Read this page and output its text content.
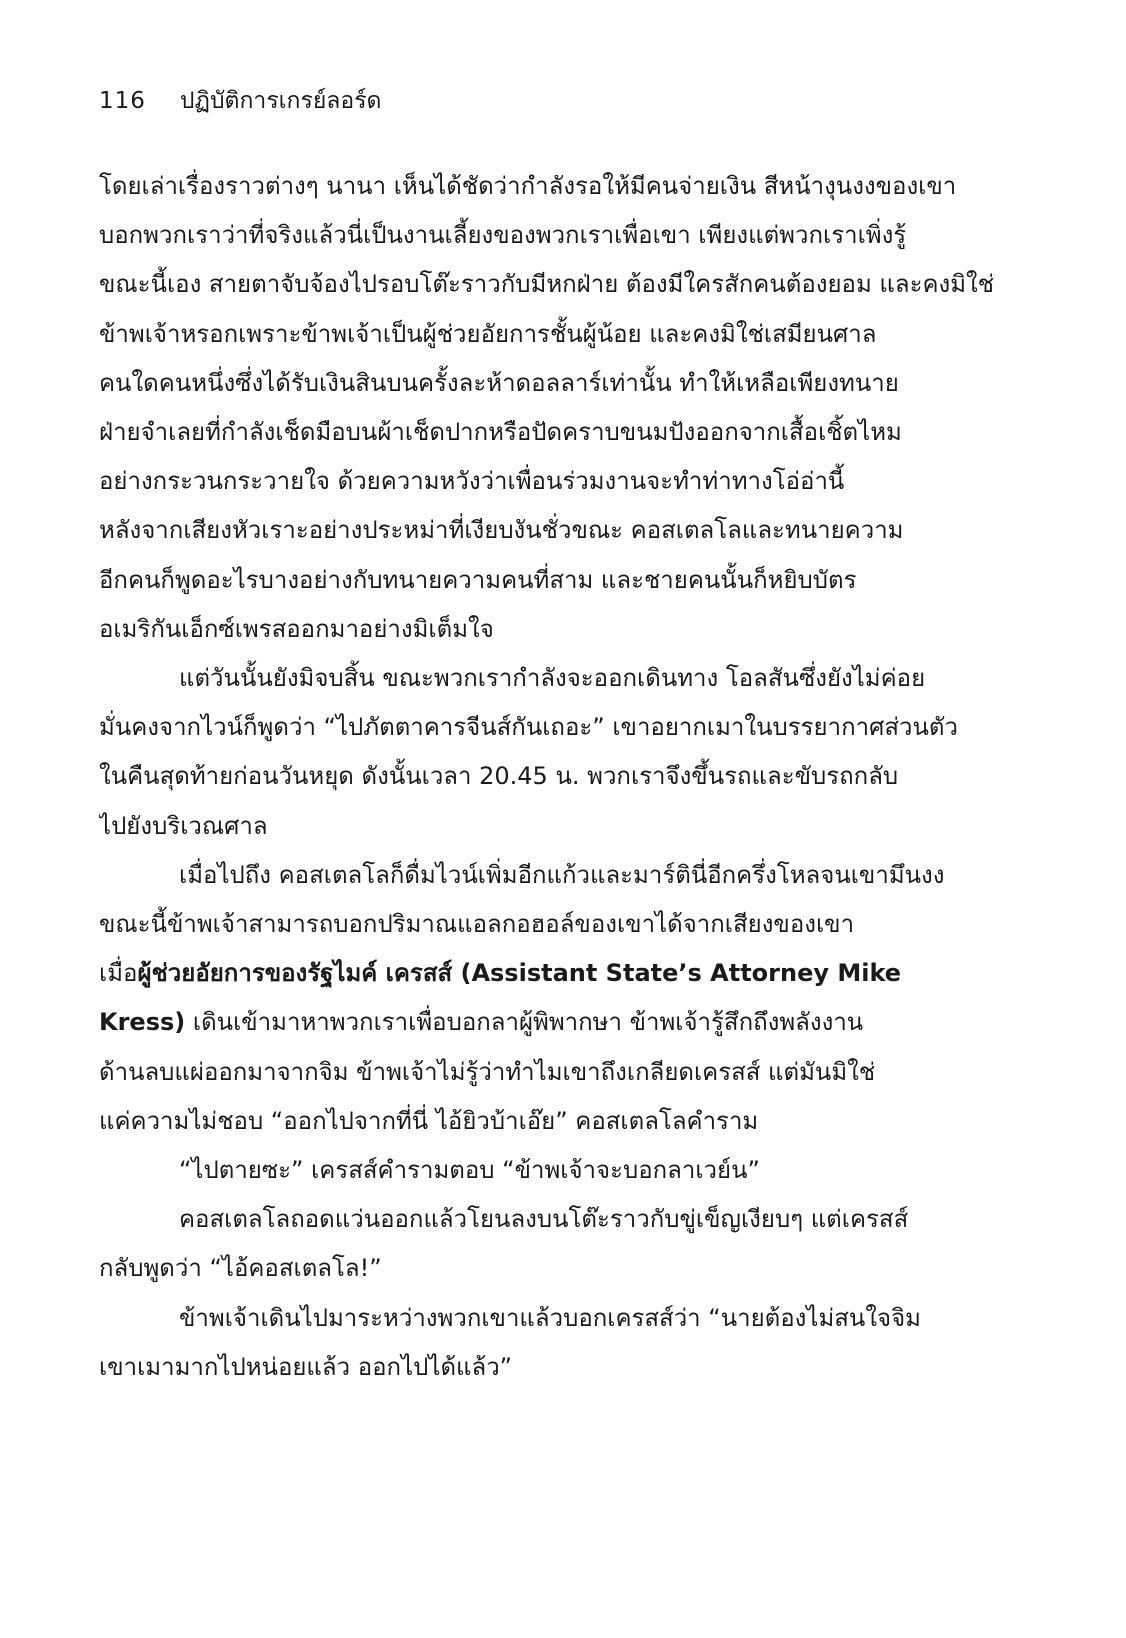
116 ปฏิบัติการเกรย์ลอร์ด
โดยเล่าเรื่องราวต่างๆ นานา เห็นได้ชัดว่ากำลังรอให้มีคนจ่ายเงิน สีหน้างุนงงของเขา
บอกพวกเราว่าที่จริงแล้วนี่เป็นงานเลี้ยงของพวกเราเพื่อเขา เพียงแต่พวกเราเพิ่งรู้
ขณะนี้เอง สายตาจับจ้องไปรอบโต๊ะราวกับมีหกฝ่าย ต้องมีใครสักคนต้องยอม และคงมิใช่
ข้าพเจ้าหรอกเพราะข้าพเจ้าเป็นผู้ช่วยอัยการชั้นผู้น้อย และคงมิใช่เสมียนศาล
คนใดคนหนึ่งซึ่งได้รับเงินสินบนครั้งละห้าดอลลาร์เท่านั้น ทำให้เหลือเพียงทนาย
ฝ่ายจำเลยที่กำลังเช็ดมือบนผ้าเช็ดปากหรือปัดคราบขนมปังออกจากเสื้อเชิ้ตไหม
อย่างกระวนกระวายใจ ด้วยความหวังว่าเพื่อนร่วมงานจะทำท่าทางโอ่อ่านี้
หลังจากเสียงหัวเราะอย่างประหม่าที่เงียบงันชั่วขณะ คอสเตลโลและทนายความ
อีกคนก็พูดอะไรบางอย่างกับทนายความคนที่สาม และชายคนนั้นก็หยิบบัตร
อเมริกันเอ็กซ์เพรสออกมาอย่างมิเต็มใจ
แต่วันนั้นยังมิจบสิ้น ขณะพวกเรากำลังจะออกเดินทาง โอลสันซึ่งยังไม่ค่อย
มั่นคงจากไวน์ก็พูดว่า “ไปภัตตาคารจีนส์กันเถอะ” เขาอยากเมาในบรรยากาศส่วนตัว
ในคืนสุดท้ายก่อนวันหยุด ดังนั้นเวลา 20.45 น. พวกเราจึงขึ้นรถและขับรถกลับ
ไปยังบริเวณศาล
เมื่อไปถึง คอสเตลโลก็ดื่มไวน์เพิ่มอีกแก้วและมาร์ตินี่อีกครึ่งโหลจนเขามึนงง
ขณะนี้ข้าพเจ้าสามารถบอกปริมาณแอลกอฮอล์ของเขาได้จากเสียงของเขา
เมื่อผู้ช่วยอัยการของรัฐไมค์ เครสส์ (Assistant State’s Attorney Mike
Kress) เดินเข้ามาหาพวกเราเพื่อบอกลาผู้พิพากษา ข้าพเจ้ารู้สึกถึงพลังงาน
ด้านลบแผ่ออกมาจากจิม ข้าพเจ้าไม่รู้ว่าทำไมเขาถึงเกลียดเครสส์ แต่มันมิใช่
แค่ความไม่ชอบ “ออกไปจากที่นี่ ไอ้ยิวบ้าเอ๊ย” คอสเตลโลคำราม
“ไปตายซะ” เครสส์คำรามตอบ “ข้าพเจ้าจะบอกลาเวย์น”
คอสเตลโลถอดแว่นออกแล้วโยนลงบนโต๊ะราวกับขู่เข็ญเงียบๆ แต่เครสส์
กลับพูดว่า “ไอ้คอสเตลโล!”
ข้าพเจ้าเดินไปมาระหว่างพวกเขาแล้วบอกเครสส์ว่า “นายต้องไม่สนใจจิม
เขาเมามากไปหน่อยแล้ว ออกไปได้แล้ว”
